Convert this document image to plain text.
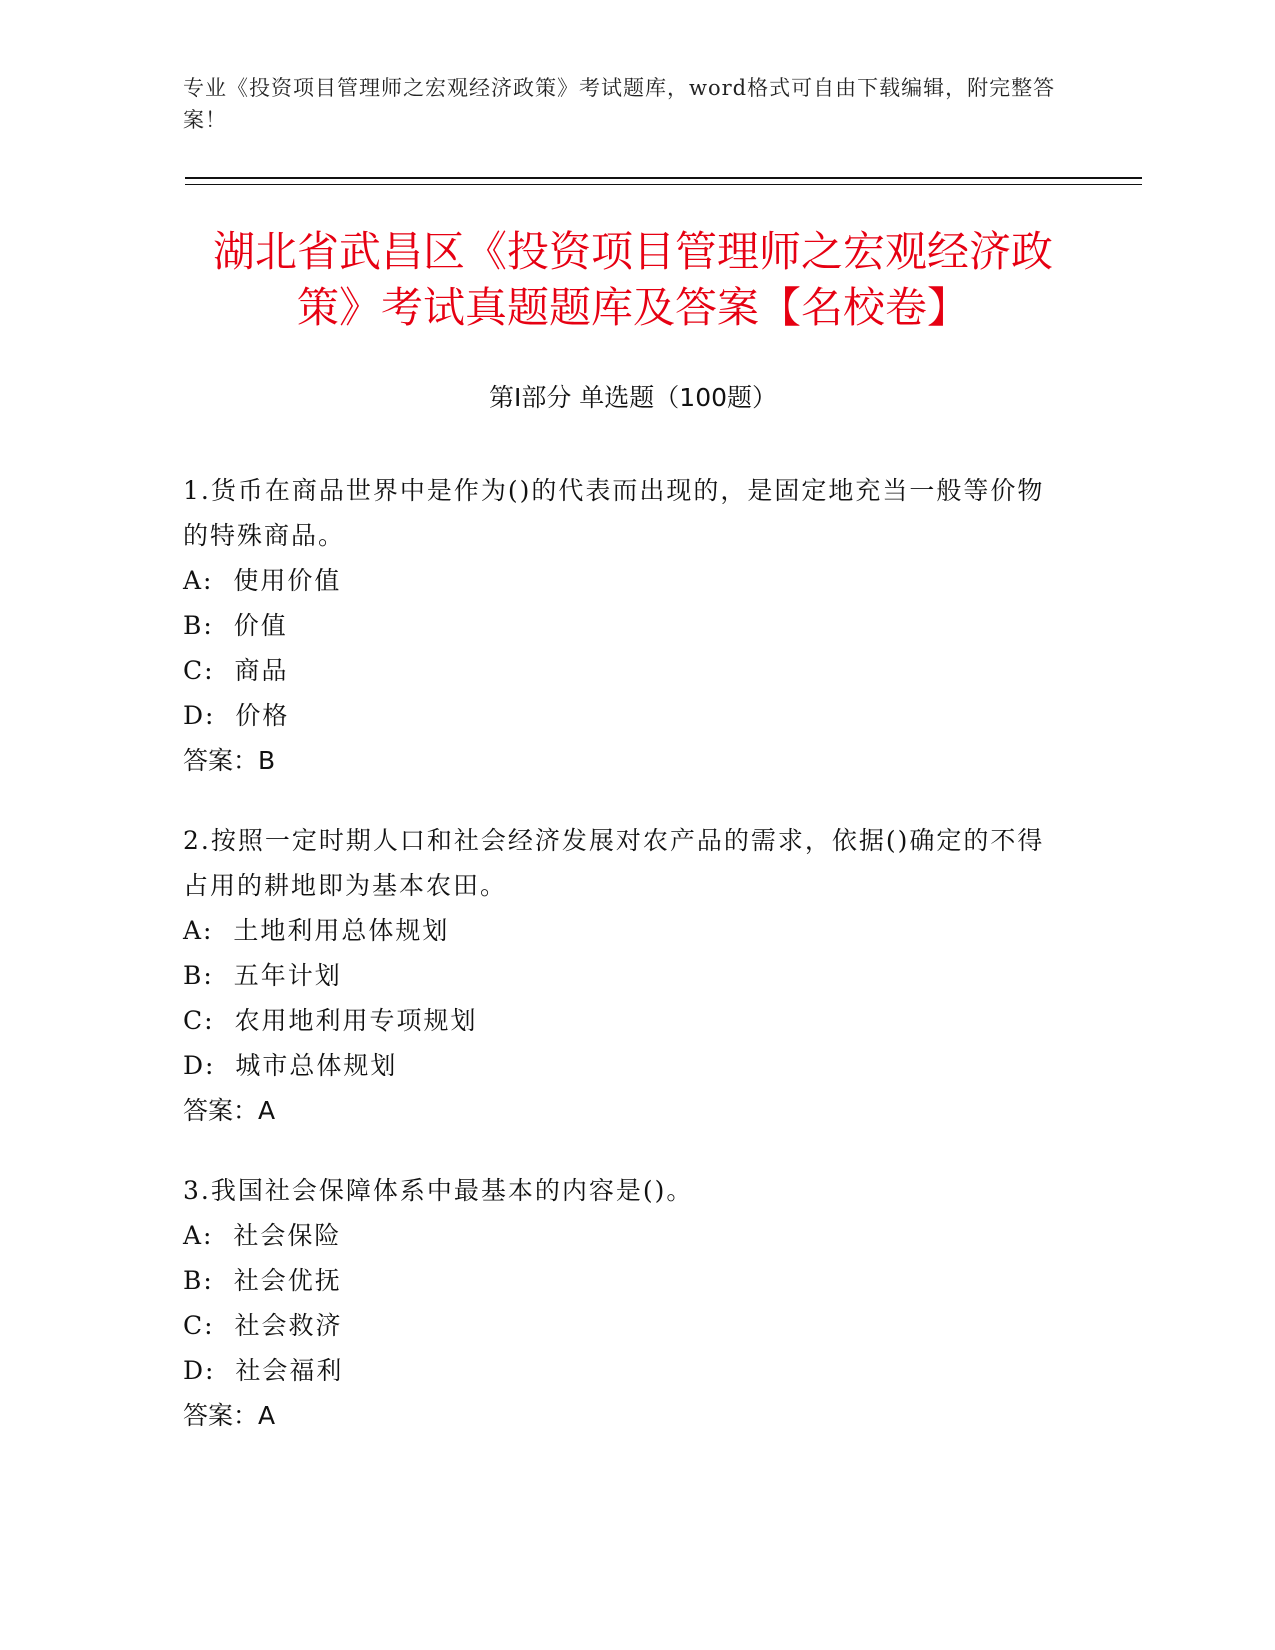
专业《投资项目管理师之宏观经济政策》考试题库，word格式可自由下载编辑，附完整答案！
湖北省武昌区《投资项目管理师之宏观经济政策》考试真题题库及答案【名校卷】
第Ⅰ部分 单选题（100题）
1.货币在商品世界中是作为()的代表而出现的，是固定地充当一般等价物的特殊商品。
A:  使用价值
B:  价值
C:  商品
D:  价格
答案：B
2.按照一定时期人口和社会经济发展对农产品的需求，依据()确定的不得占用的耕地即为基本农田。
A:  土地利用总体规划
B:  五年计划
C:  农用地利用专项规划
D:  城市总体规划
答案：A
3.我国社会保障体系中最基本的内容是()。
A:  社会保险
B:  社会优抚
C:  社会救济
D:  社会福利
答案：A
